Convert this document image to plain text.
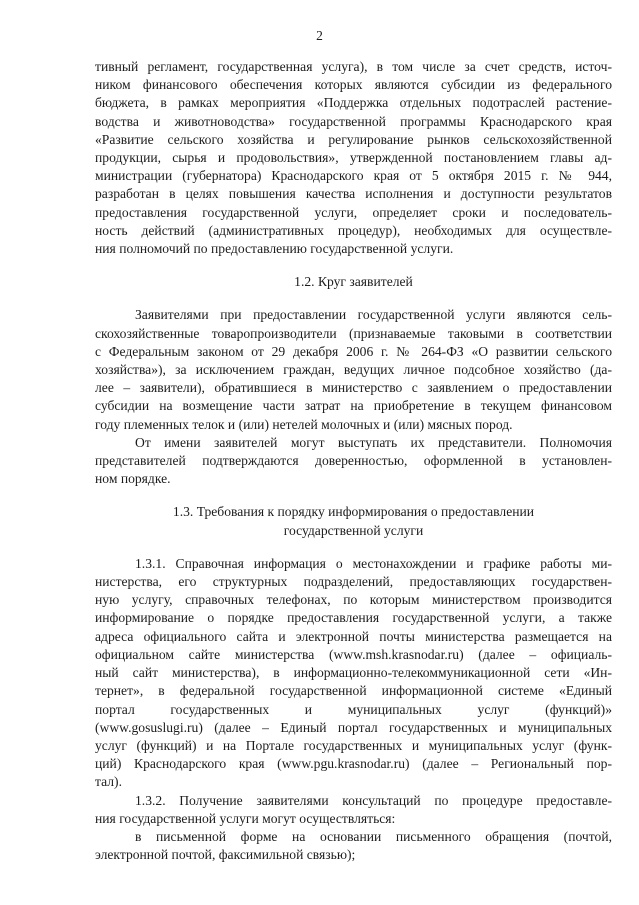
2

тивный регламент, государственная услуга), в том числе за счет средств, источ-

ником финансового обеспечения которых являются субсидии из федерального

бюджета, в рамках мероприятия «Поддержка отдельных подотраслей растение-

водства и животноводства» государственной программы Краснодарского края

«Развитие сельского хозяйства и регулирование рынков сельскохозяйственной

продукции, сырья и продовольствия», утвержденной постановлением главы ад-

министрации (губернатора) Краснодарского края от 5 октября 2015 г. № 944,

разработан в целях повышения качества исполнения и доступности результатов

предоставления государственной услуги, определяет сроки и последователь-

ность действий (административных процедур), необходимых для осуществле-

ния полномочий по предоставлению государственной услуги.

1.2. Круг заявителей

Заявителями при предоставлении государственной услуги являются сель-

скохозяйственные товаропроизводители (признаваемые таковыми в соответствии

с Федеральным законом от 29 декабря 2006 г. № 264-ФЗ «О развитии сельского

хозяйства»), за исключением граждан, ведущих личное подсобное хозяйство (да-

лее – заявители), обратившиеся в министерство с заявлением о предоставлении

субсидии на возмещение части затрат на приобретение в текущем финансовом

году племенных телок и (или) нетелей молочных и (или) мясных пород.

От имени заявителей могут выступать их представители. Полномочия

представителей подтверждаются доверенностью, оформленной в установлен-

ном порядке.

1.3. Требования к порядку информирования о предоставлении

государственной услуги

1.3.1. Справочная информация о местонахождении и графике работы ми-

нистерства, его структурных подразделений, предоставляющих государствен-

ную услугу, справочных телефонах, по которым министерством производится

информирование о порядке предоставления государственной услуги, а также

адреса официального сайта и электронной почты министерства размещается на

официальном сайте министерства (www.msh.krasnodar.ru) (далее – официаль-

ный сайт министерства), в информационно-телекоммуникационной сети «Ин-

тернет», в федеральной государственной информационной системе «Единый

портал государственных и муниципальных услуг (функций)»

(www.gosuslugi.ru) (далее – Единый портал государственных и муниципальных

услуг (функций) и на Портале государственных и муниципальных услуг (функ-

ций) Краснодарского края (www.pgu.krasnodar.ru) (далее – Региональный пор-

тал).

1.3.2. Получение заявителями консультаций по процедуре предоставле-

ния государственной услуги могут осуществляться:

в письменной форме на основании письменного обращения (почтой,

электронной почтой, факсимильной связью);
